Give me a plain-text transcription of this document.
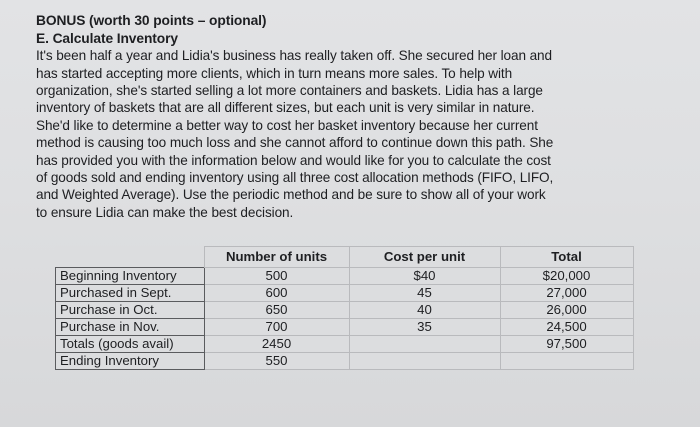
BONUS (worth 30 points – optional)
E. Calculate Inventory
It's been half a year and Lidia's business has really taken off. She secured her loan and
has started accepting more clients, which in turn means more sales. To help with
organization, she's started selling a lot more containers and baskets. Lidia has a large
inventory of baskets that are all different sizes, but each unit is very similar in nature.
She'd like to determine a better way to cost her basket inventory because her current
method is causing too much loss and she cannot afford to continue down this path. She
has provided you with the information below and would like for you to calculate the cost
of goods sold and ending inventory using all three cost allocation methods (FIFO, LIFO,
and Weighted Average). Use the periodic method and be sure to show all of your work
to ensure Lidia can make the best decision.
	Number of units	Cost per unit	Total
Beginning Inventory	500	$40	$20,000
Purchased in Sept.	600	45	27,000
Purchase in Oct.	650	40	26,000
Purchase in Nov.	700	35	24,500
Totals (goods avail)	2450		97,500
Ending Inventory	550		
